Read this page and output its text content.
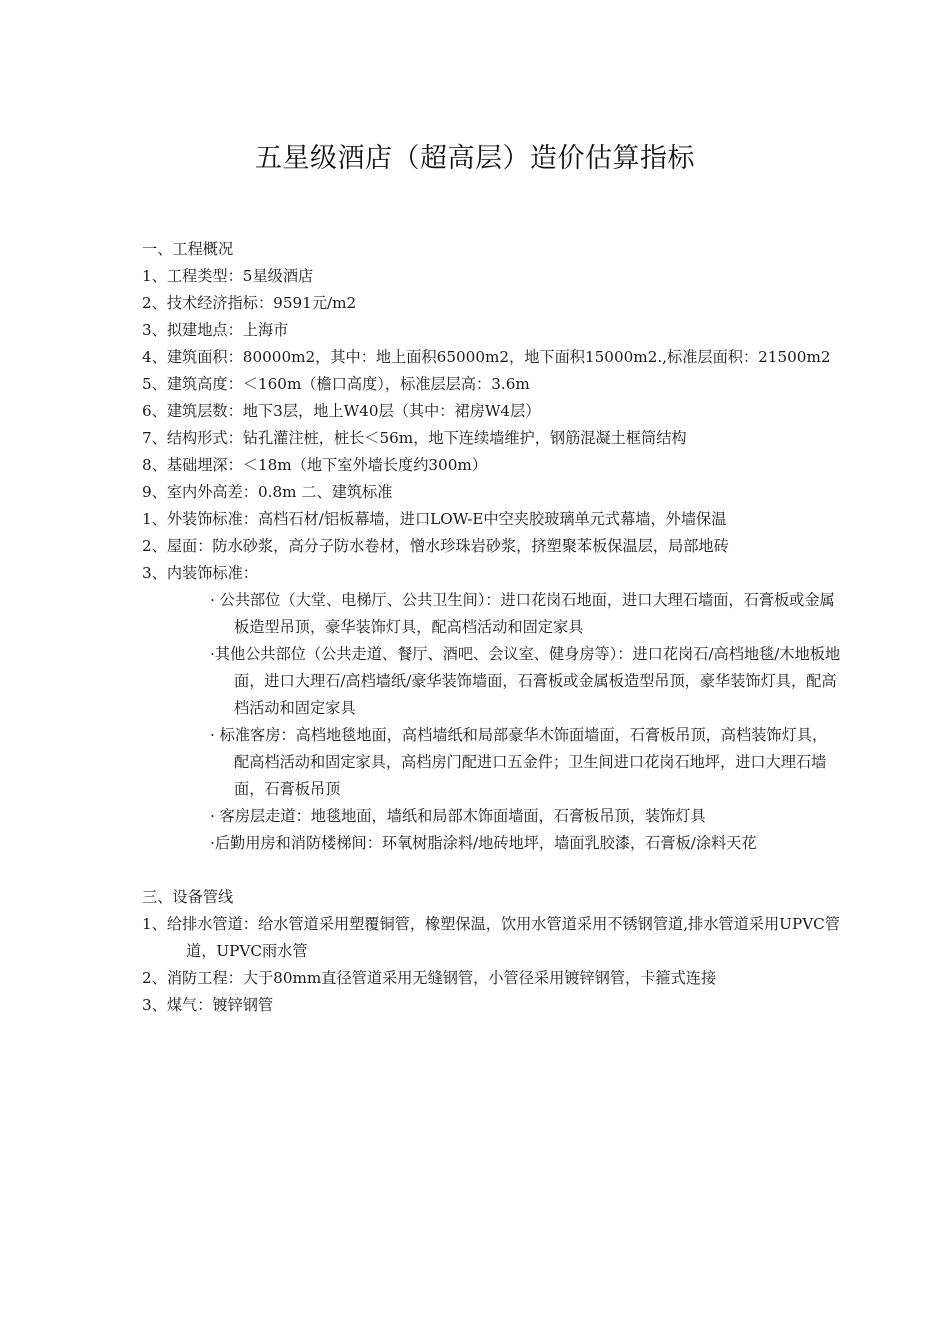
五星级酒店（超高层）造价估算指标
一、工程概况
1、工程类型：5星级酒店
2、技术经济指标：9591元/m2
3、拟建地点：上海市
4、建筑面积：80000m2，其中：地上面积65000m2，地下面积15000m2.,标准层面积：21500m2
5、建筑高度：＜160m（檐口高度），标准层层高：3.6m
6、建筑层数：地下3层，地上W40层（其中：裙房W4层）
7、结构形式：钻孔灌注桩，桩长＜56m，地下连续墙维护，钢筋混凝土框筒结构
8、基础埋深：＜18m（地下室外墙长度约300m）
9、室内外高差：0.8m 二、建筑标准
1、外装饰标准：高档石材/铝板幕墙，进口LOW-E中空夹胶玻璃单元式幕墙，外墙保温
2、屋面：防水砂浆，高分子防水卷材，憎水珍珠岩砂浆，挤塑聚苯板保温层，局部地砖
3、内装饰标准：
· 公共部位（大堂、电梯厅、公共卫生间）：进口花岗石地面，进口大理石墙面，石膏板或金属板造型吊顶，豪华装饰灯具，配高档活动和固定家具
·其他公共部位（公共走道、餐厅、酒吧、会议室、健身房等）：进口花岗石/高档地毯/木地板地面，进口大理石/高档墙纸/豪华装饰墙面，石膏板或金属板造型吊顶，豪华装饰灯具，配高档活动和固定家具
· 标准客房：高档地毯地面，高档墙纸和局部豪华木饰面墙面，石膏板吊顶，高档装饰灯具，配高档活动和固定家具，高档房门配进口五金件；卫生间进口花岗石地坪，进口大理石墙面，石膏板吊顶
· 客房层走道：地毯地面，墙纸和局部木饰面墙面，石膏板吊顶，装饰灯具
·后勤用房和消防楼梯间：环氧树脂涂料/地砖地坪，墙面乳胶漆，石膏板/涂料天花
三、设备管线
1、给排水管道：给水管道采用塑覆铜管，橡塑保温，饮用水管道采用不锈钢管道,排水管道采用UPVC管道，UPVC雨水管
2、消防工程：大于80mm直径管道采用无缝钢管，小管径采用镀锌钢管，卡箍式连接
3、煤气：镀锌钢管
